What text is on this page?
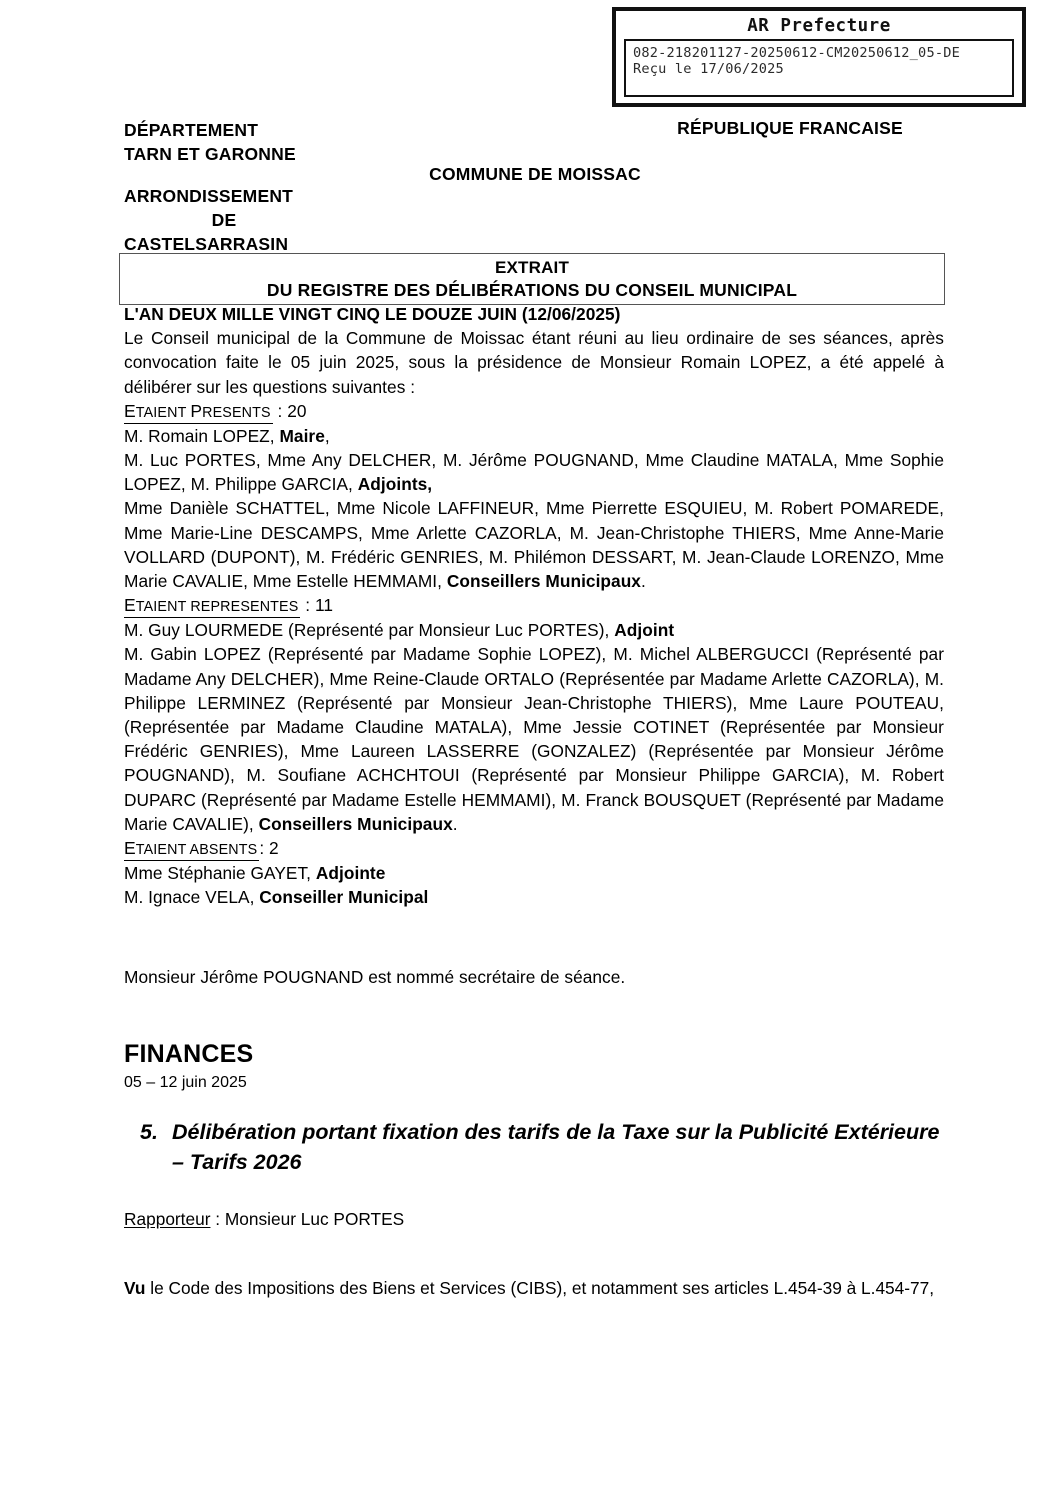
AR Prefecture
082-218201127-20250612-CM20250612_05-DE
Reçu le 17/06/2025
DÉPARTEMENT
TARN ET GARONNE
ARRONDISSEMENT
DE
CASTELSARRASIN
RÉPUBLIQUE FRANCAISE
COMMUNE DE MOISSAC
EXTRAIT
DU REGISTRE DES DÉLIBÉRATIONS DU CONSEIL MUNICIPAL

L'AN DEUX MILLE VINGT CINQ LE DOUZE JUIN (12/06/2025)

Le Conseil municipal de la Commune de Moissac étant réuni au lieu ordinaire de ses séances, après convocation faite le 05 juin 2025, sous la présidence de Monsieur Romain LOPEZ, a été appelé à délibérer sur les questions suivantes :

ETAIENT PRESENTS : 20

M. Romain LOPEZ, Maire,

M. Luc PORTES, Mme Any DELCHER, M. Jérôme POUGNAND, Mme Claudine MATALA, Mme Sophie LOPEZ, M. Philippe GARCIA, Adjoints,

Mme Danièle SCHATTEL, Mme Nicole LAFFINEUR, Mme Pierrette ESQUIEU, M. Robert POMAREDE, Mme Marie-Line DESCAMPS, Mme Arlette CAZORLA, M. Jean-Christophe THIERS, Mme Anne-Marie VOLLARD (DUPONT), M. Frédéric GENRIES, M. Philémon DESSART, M. Jean-Claude LORENZO, Mme Marie CAVALIE, Mme Estelle HEMMAMI, Conseillers Municipaux.

ETAIENT REPRESENTES : 11

M. Guy LOURMEDE (Représenté par Monsieur Luc PORTES), Adjoint

M. Gabin LOPEZ (Représenté par Madame Sophie LOPEZ), M. Michel ALBERGUCCI (Représenté par Madame Any DELCHER), Mme Reine-Claude ORTALO (Représentée par Madame Arlette CAZORLA), M. Philippe LERMINEZ (Représenté par Monsieur Jean-Christophe THIERS), Mme Laure POUTEAU, (Représentée par Madame Claudine MATALA), Mme Jessie COTINET (Représentée par Monsieur Frédéric GENRIES), Mme Laureen LASSERRE (GONZALEZ) (Représentée par Monsieur Jérôme POUGNAND), M. Soufiane ACHCHTOUI (Représenté par Monsieur Philippe GARCIA), M. Robert DUPARC (Représenté par Madame Estelle HEMMAMI), M. Franck BOUSQUET (Représenté par Madame Marie CAVALIE), Conseillers Municipaux.

ETAIENT ABSENTS: 2

Mme Stéphanie GAYET, Adjointe

M. Ignace VELA, Conseiller Municipal

Monsieur Jérôme POUGNAND est nommé secrétaire de séance.

FINANCES
05 – 12 juin 2025
5. Délibération portant fixation des tarifs de la Taxe sur la Publicité Extérieure – Tarifs 2026
Rapporteur : Monsieur Luc PORTES
Vu le Code des Impositions des Biens et Services (CIBS), et notamment ses articles L.454-39 à L.454-77,
